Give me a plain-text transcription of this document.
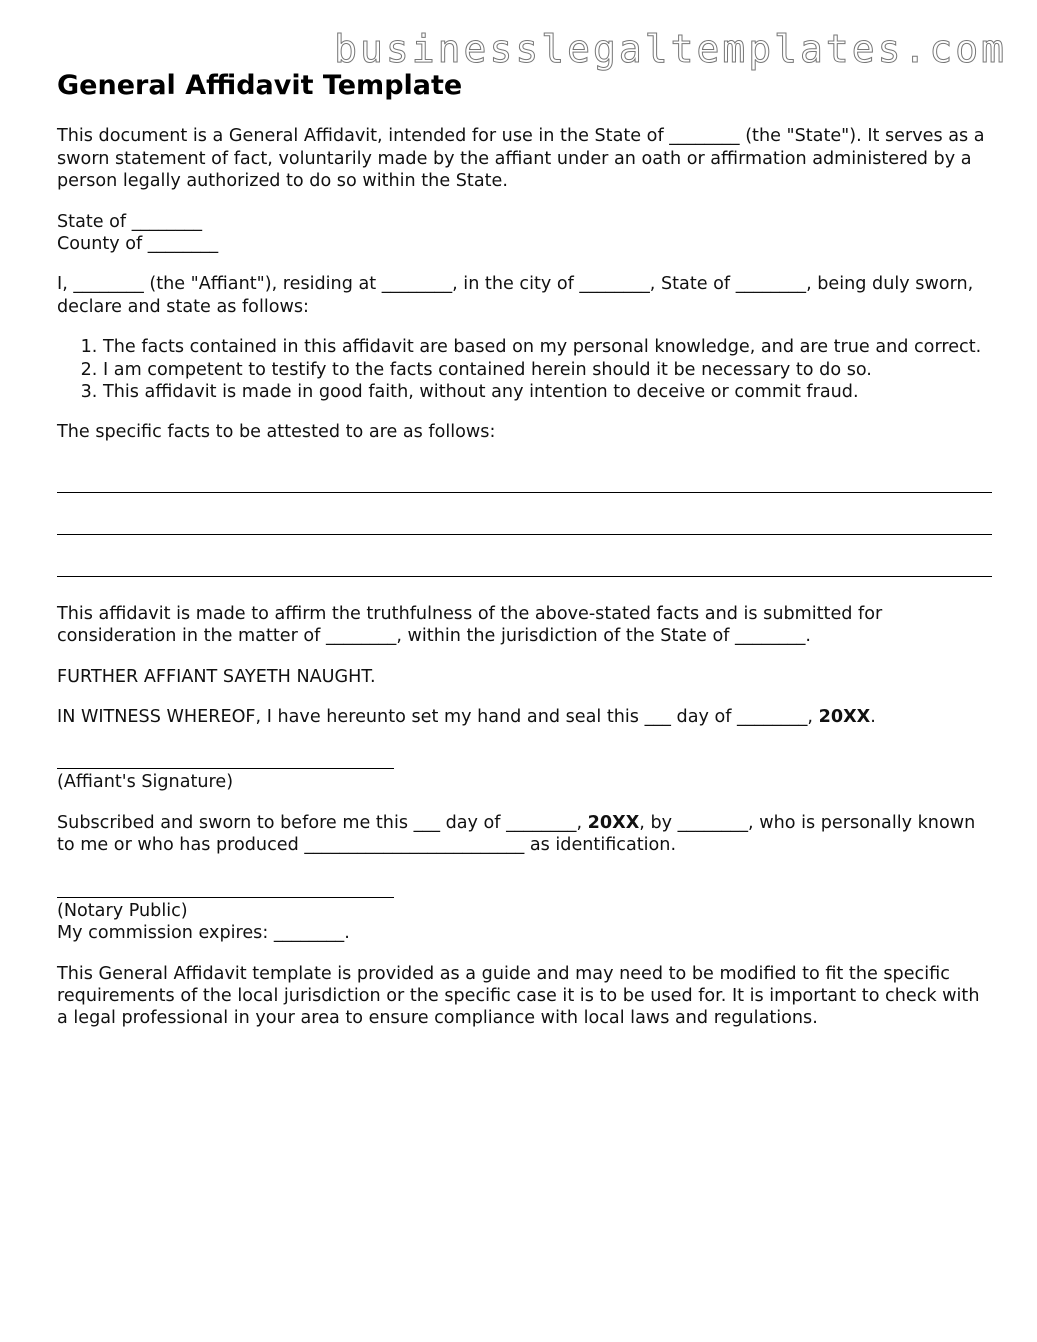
businesslegaltemplates.com
General Affidavit Template

This document is a General Affidavit, intended for use in the State of ________ (the "State"). It serves as a sworn statement of fact, voluntarily made by the affiant under an oath or affirmation administered by a person legally authorized to do so within the State.

State of ________
County of ________

I, ________ (the "Affiant"), residing at ________, in the city of ________, State of ________, being duly sworn, declare and state as follows:

1. The facts contained in this affidavit are based on my personal knowledge, and are true and correct.
2. I am competent to testify to the facts contained herein should it be necessary to do so.
3. This affidavit is made in good faith, without any intention to deceive or commit fraud.

The specific facts to be attested to are as follows:

This affidavit is made to affirm the truthfulness of the above-stated facts and is submitted for consideration in the matter of ________, within the jurisdiction of the State of ________.

FURTHER AFFIANT SAYETH NAUGHT.

IN WITNESS WHEREOF, I have hereunto set my hand and seal this ___ day of ________, 20XX.

(Affiant's Signature)

Subscribed and sworn to before me this ___ day of ________, 20XX, by ________, who is personally known to me or who has produced _________________________ as identification.

(Notary Public)
My commission expires: ________.

This General Affidavit template is provided as a guide and may need to be modified to fit the specific requirements of the local jurisdiction or the specific case it is to be used for. It is important to check with a legal professional in your area to ensure compliance with local laws and regulations.
